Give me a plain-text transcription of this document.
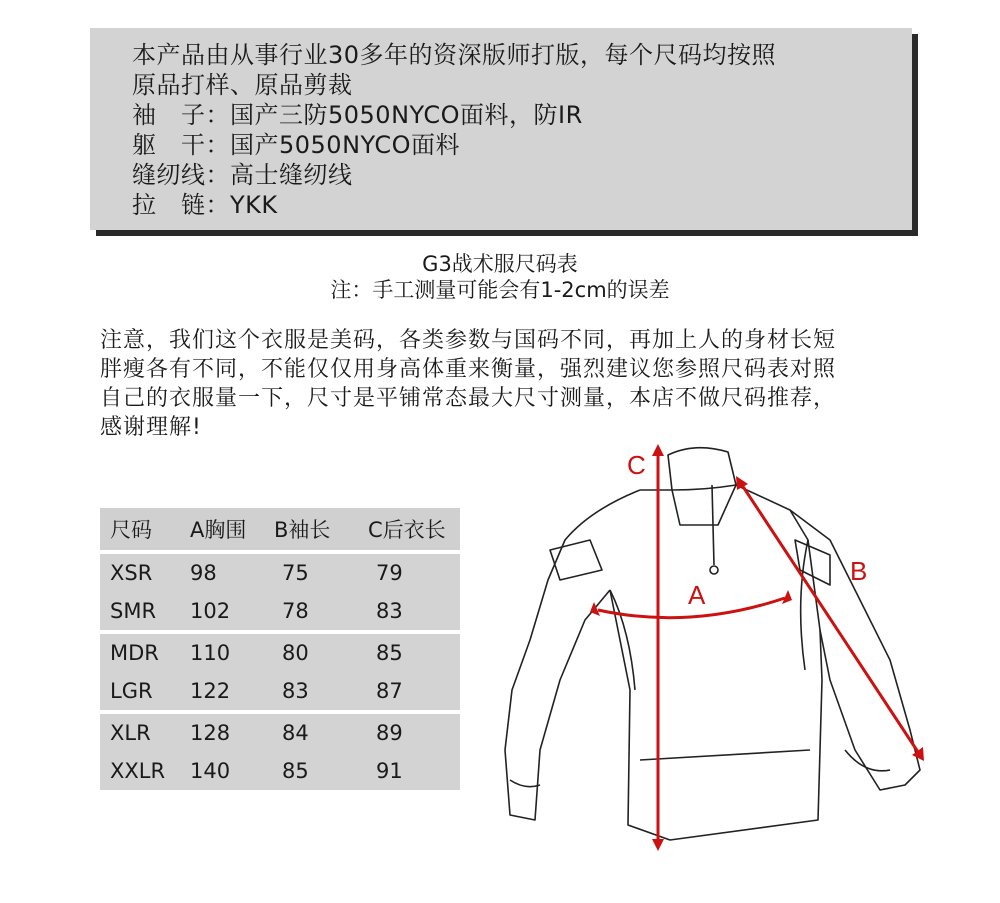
本产品由从事行业30多年的资深版师打版，每个尺码均按照
原品打样、原品剪裁
袖　子：国产三防5050NYCO面料，防IR
躯　干：国产5050NYCO面料
缝纫线：高士缝纫线
拉　链：YKK
G3战术服尺码表
注：手工测量可能会有1-2cm的误差
注意，我们这个衣服是美码，各类参数与国码不同，再加上人的身材长短
胖瘦各有不同，不能仅仅用身高体重来衡量，强烈建议您参照尺码表对照
自己的衣服量一下，尺寸是平铺常态最大尺寸测量，本店不做尺码推荐，
感谢理解!
尺码	A胸围	B袖长	C后衣长
XSR	98	75	79
SMR	102	78	83
MDR	110	80	85
LGR	122	83	87
XLR	128	84	89
XXLR	140	85	91
C
A
B
